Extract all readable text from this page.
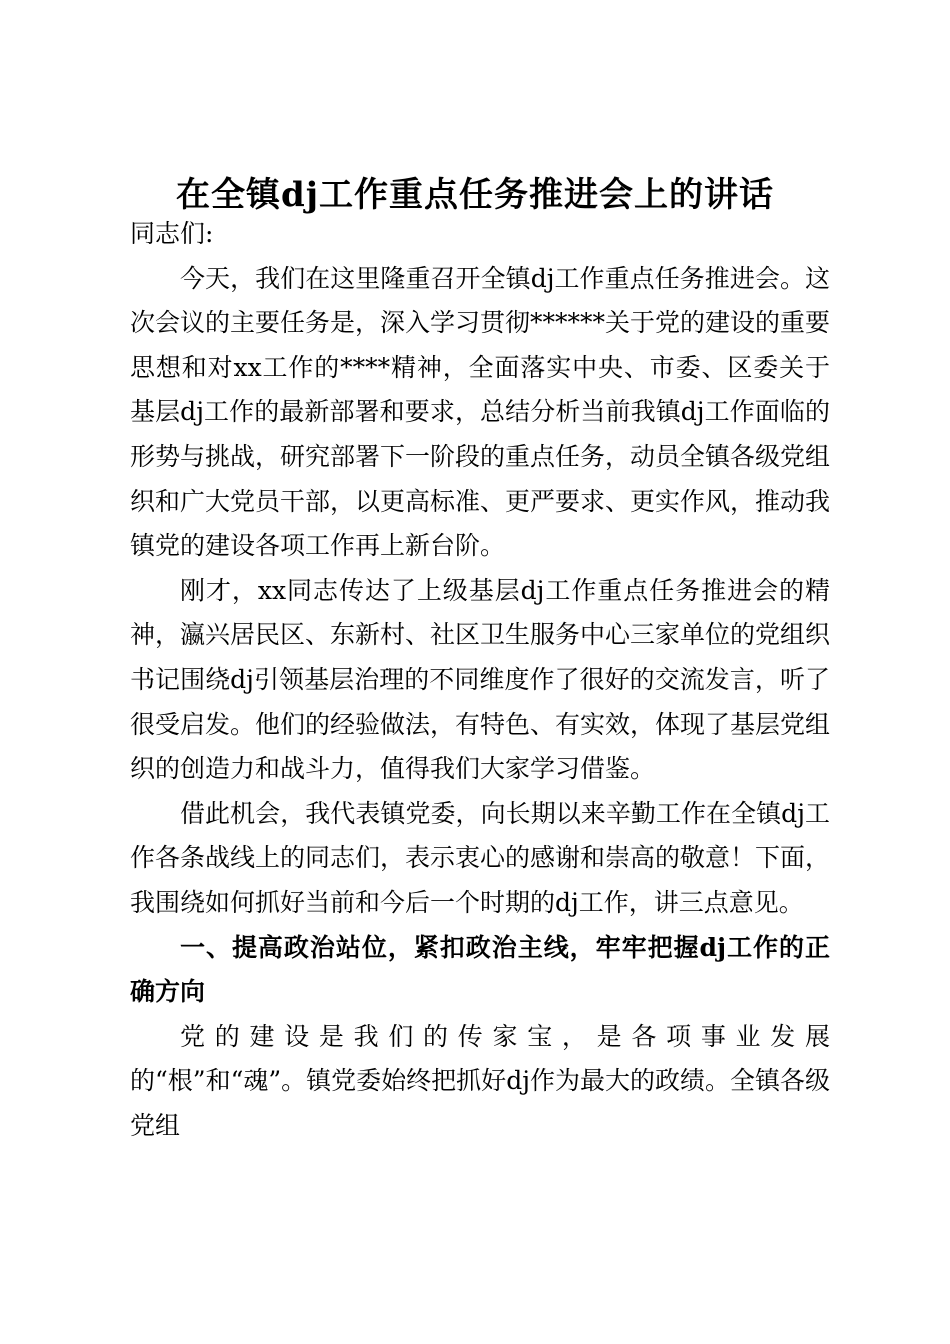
在全镇dj工作重点任务推进会上的讲话

同志们:

今天，我们在这里隆重召开全镇dj工作重点任务推进会。这次会议的主要任务是，深入学习贯彻******关于党的建设的重要思想和对xx工作的****精神，全面落实中央、市委、区委关于基层dj工作的最新部署和要求，总结分析当前我镇dj工作面临的形势与挑战，研究部署下一阶段的重点任务，动员全镇各级党组织和广大党员干部，以更高标准、更严要求、更实作风，推动我镇党的建设各项工作再上新台阶。

刚才，xx同志传达了上级基层dj工作重点任务推进会的精神，瀛兴居民区、东新村、社区卫生服务中心三家单位的党组织书记围绕dj引领基层治理的不同维度作了很好的交流发言，听了很受启发。他们的经验做法，有特色、有实效，体现了基层党组织的创造力和战斗力，值得我们大家学习借鉴。

借此机会，我代表镇党委，向长期以来辛勤工作在全镇dj工作各条战线上的同志们，表示衷心的感谢和崇高的敬意！下面，我围绕如何抓好当前和今后一个时期的dj工作，讲三点意见。

一、提高政治站位，紧扣政治主线，牢牢把握dj工作的正确方向

党的建设是我们的传家宝，是各项事业发展的“根”和“魂”。镇党委始终把抓好dj作为最大的政绩。全镇各级党组
